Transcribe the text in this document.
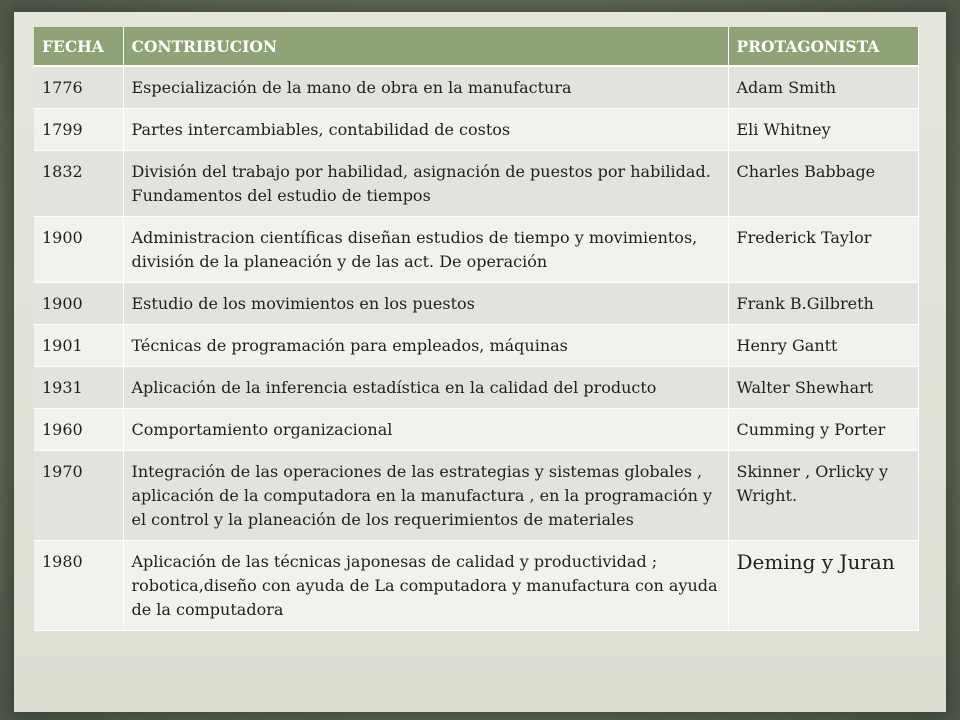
FECHA	CONTRIBUCION	PROTAGONISTA
1776	Especialización de la mano de obra en la manufactura	Adam Smith
1799	Partes intercambiables, contabilidad de costos	Eli Whitney
1832	División del trabajo por habilidad, asignación de puestos por habilidad. Fundamentos del estudio de tiempos	Charles Babbage
1900	Administracion científicas diseñan estudios de tiempo y movimientos, división de la planeación y de las act. De operación	Frederick Taylor
1900	Estudio de los movimientos en los puestos	Frank B.Gilbreth
1901	Técnicas de programación para empleados, máquinas	Henry Gantt
1931	Aplicación de la inferencia estadística en la calidad del producto	Walter Shewhart
1960	Comportamiento organizacional	Cumming y Porter
1970	Integración de las operaciones de las estrategias y sistemas globales , aplicación de la computadora en la manufactura , en la programación y el control y la planeación de los requerimientos de materiales	Skinner , Orlicky y Wright.
1980	Aplicación de las técnicas japonesas de calidad y productividad ; robotica,diseño con ayuda de La computadora y manufactura con ayuda de la computadora	Deming y Juran
